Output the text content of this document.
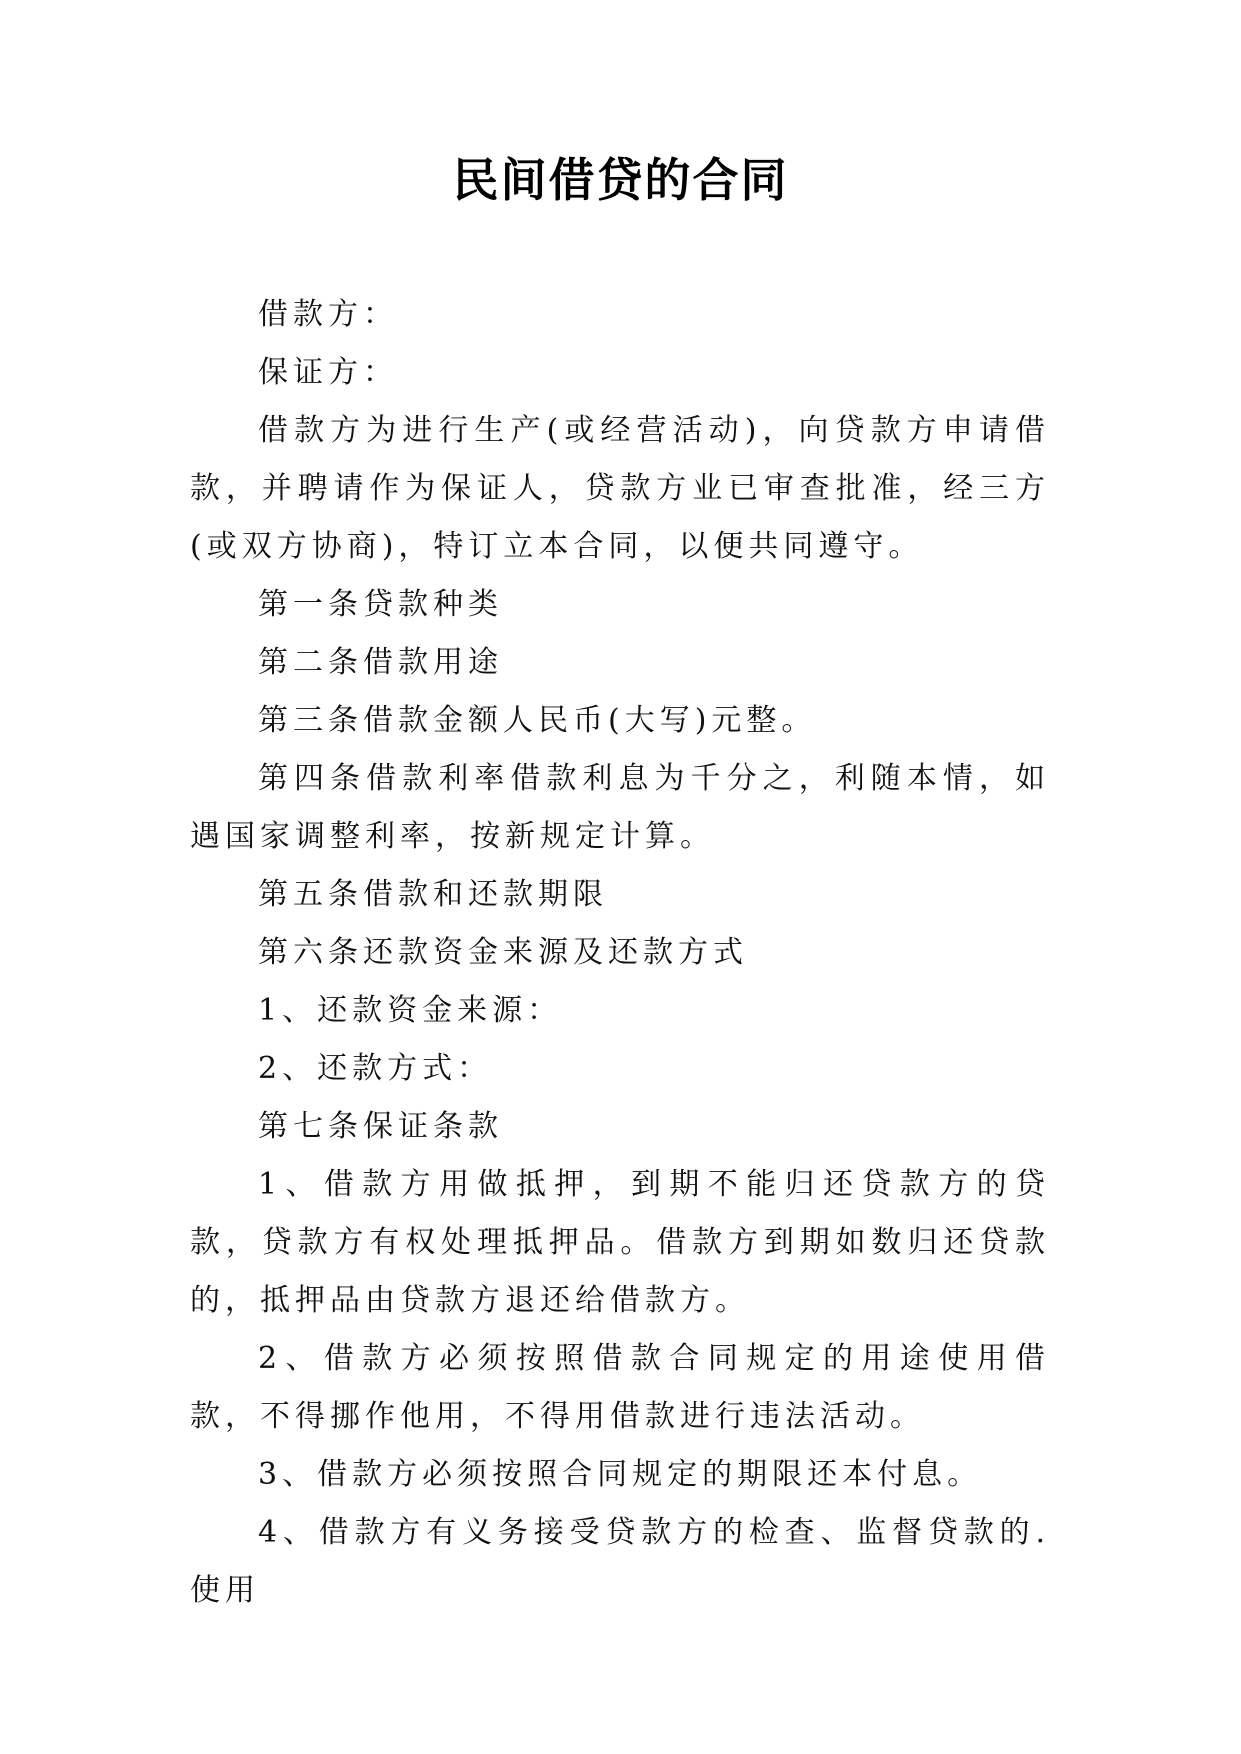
民间借贷的合同

借款方：

保证方：

借款方为进行生产(或经营活动)，向贷款方申请借款，并聘请作为保证人，贷款方业已审查批准，经三方(或双方协商)，特订立本合同，以便共同遵守。

第一条贷款种类

第二条借款用途

第三条借款金额人民币(大写)元整。

第四条借款利率借款利息为千分之，利随本情，如遇国家调整利率，按新规定计算。

第五条借款和还款期限

第六条还款资金来源及还款方式

1、还款资金来源：

2、还款方式：

第七条保证条款

1、借款方用做抵押，到期不能归还贷款方的贷款，贷款方有权处理抵押品。借款方到期如数归还贷款的，抵押品由贷款方退还给借款方。

2、借款方必须按照借款合同规定的用途使用借款，不得挪作他用，不得用借款进行违法活动。

3、借款方必须按照合同规定的期限还本付息。

4、借款方有义务接受贷款方的检查、监督贷款的.使用
